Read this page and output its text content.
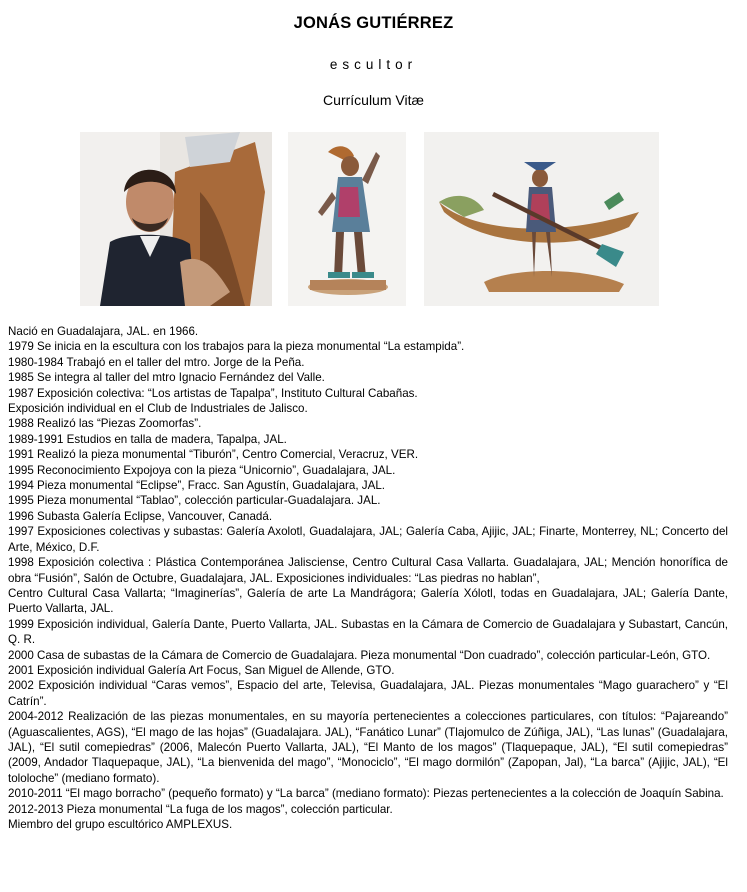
JONÁS GUTIÉRREZ
escultor
Currículum Vitæ

Nació en Guadalajara, JAL. en 1966.

1979 Se inicia en la escultura con los trabajos para la pieza monumental “La estampida”.

1980-1984 Trabajó en el taller del mtro. Jorge de la Peña.

1985 Se integra al taller del mtro Ignacio Fernández del Valle.

1987 Exposición colectiva: “Los artistas de Tapalpa”, Instituto Cultural Cabañas.

Exposición individual en el Club de Industriales de Jalisco.

1988 Realizó las “Piezas Zoomorfas”.

1989-1991 Estudios en talla de madera, Tapalpa, JAL.

1991 Realizó la pieza monumental “Tiburón”, Centro Comercial, Veracruz, VER.

1995 Reconocimiento Expojoya con la pieza “Unicornio”, Guadalajara, JAL.

1994 Pieza monumental “Eclipse”, Fracc. San Agustín, Guadalajara, JAL.

1995 Pieza monumental “Tablao”, colección particular-Guadalajara. JAL.

1996 Subasta Galería Eclipse, Vancouver, Canadá.

1997 Exposiciones colectivas y subastas: Galería Axolotl, Guadalajara, JAL; Galería Caba, Ajijic, JAL; Finarte, Monterrey, NL; Concerto del Arte, México, D.F.

1998 Exposición colectiva : Plástica Contemporánea Jalisciense, Centro Cultural Casa Vallarta. Guadalajara, JAL; Mención honorífica de obra “Fusión”, Salón de Octubre, Guadalajara, JAL. Exposiciones individuales: “Las piedras no hablan”,

Centro Cultural Casa Vallarta; “Imaginerías”, Galería de arte La Mandrágora; Galería Xólotl, todas en Guadalajara, JAL; Galería Dante, Puerto Vallarta, JAL.

1999 Exposición individual, Galería Dante, Puerto Vallarta, JAL. Subastas en la Cámara de Comercio de Guadalajara y Subastart, Cancún, Q. R.

2000 Casa de subastas de la Cámara de Comercio de Guadalajara. Pieza monumental “Don cuadrado”, colección particular-León, GTO.

2001 Exposición individual Galería Art Focus, San Miguel de Allende, GTO.

2002 Exposición individual “Caras vemos”, Espacio del arte, Televisa, Guadalajara, JAL. Piezas monumentales “Mago guarachero” y “El Catrín”.

2004-2012 Realización de las piezas monumentales, en su mayoría pertenecientes a colecciones particulares, con títulos: “Pajareando” (Aguascalientes, AGS), “El mago de las hojas” (Guadalajara. JAL), “Fanático Lunar” (Tlajomulco de Zúñiga, JAL), “Las lunas” (Guadalajara, JAL), “El sutil comepiedras” (2006, Malecón Puerto Vallarta, JAL), “El Manto de los magos” (Tlaquepaque, JAL), “El sutil comepiedras” (2009, Andador Tlaquepaque, JAL), “La bienvenida del mago”, “Monociclo”, “El mago dormilón” (Zapopan, Jal), “La barca” (Ajijic, JAL), “El tololoche” (mediano formato).

2010-2011 “El mago borracho” (pequeño formato) y “La barca” (mediano formato): Piezas pertenecientes a la colección de Joaquín Sabina.

2012-2013 Pieza monumental “La fuga de los magos”, colección particular.

Miembro del grupo escultórico AMPLEXUS.
